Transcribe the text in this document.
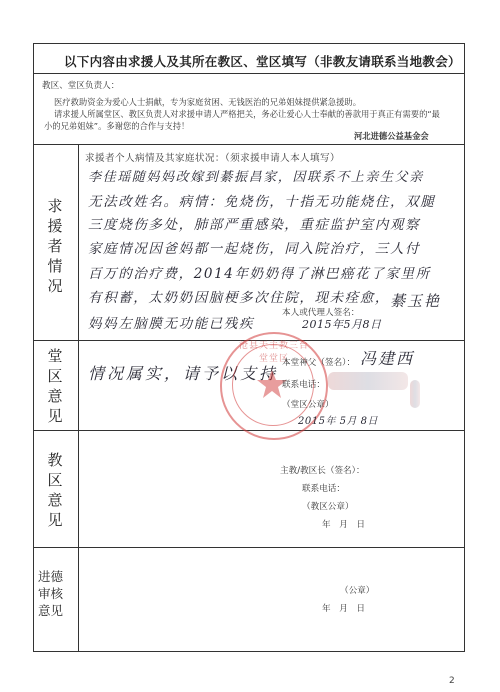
以下内容由求援人及其所在教区、堂区填写（非教友请联系当地教会）
教区、堂区负责人：
医疗救助资金为爱心人士捐献，专为家庭贫困、无钱医治的兄弟姐妹提供紧急援助。
请求援人所属堂区、教区负责人对求援申请人严格把关，务必让爱心人士奉献的善款用于真正有需要的“最
小的兄弟姐妹”。多谢您的合作与支持！
河北进德公益基金会
求
援
者
情
况
求援者个人病情及其家庭状况：（须求援申请人本人填写）
李佳瑶随妈妈改嫁到綦振昌家，因联系不上亲生父亲
无法改姓名。病情：免烧伤，十指无功能烧住，双腿
三度烧伤多处，肺部严重感染，重症监护室内观察
家庭情况因爸妈都一起烧伤，同入院治疗，三人付
百万的治疗费，2014年奶奶得了淋巴癌花了家里所
有积蓄，太奶奶因脑梗多次住院，现未痊愈，
妈妈左脑膜无功能已残疾
本人或代理人签名：
綦玉艳
2015年5月8日
堂
区
意
见
情况属实，请予以支持
沧县天主教三台堂堂区
本堂神父（签名）： 冯建西
联系电话：
（堂区公章）
2015年 5月 8日
教
区
意
见
主教/教区长（签名）：
联系电话：
（教区公章）
年　月　日
进德
审核
意见
（公章）
年　月　日
2
